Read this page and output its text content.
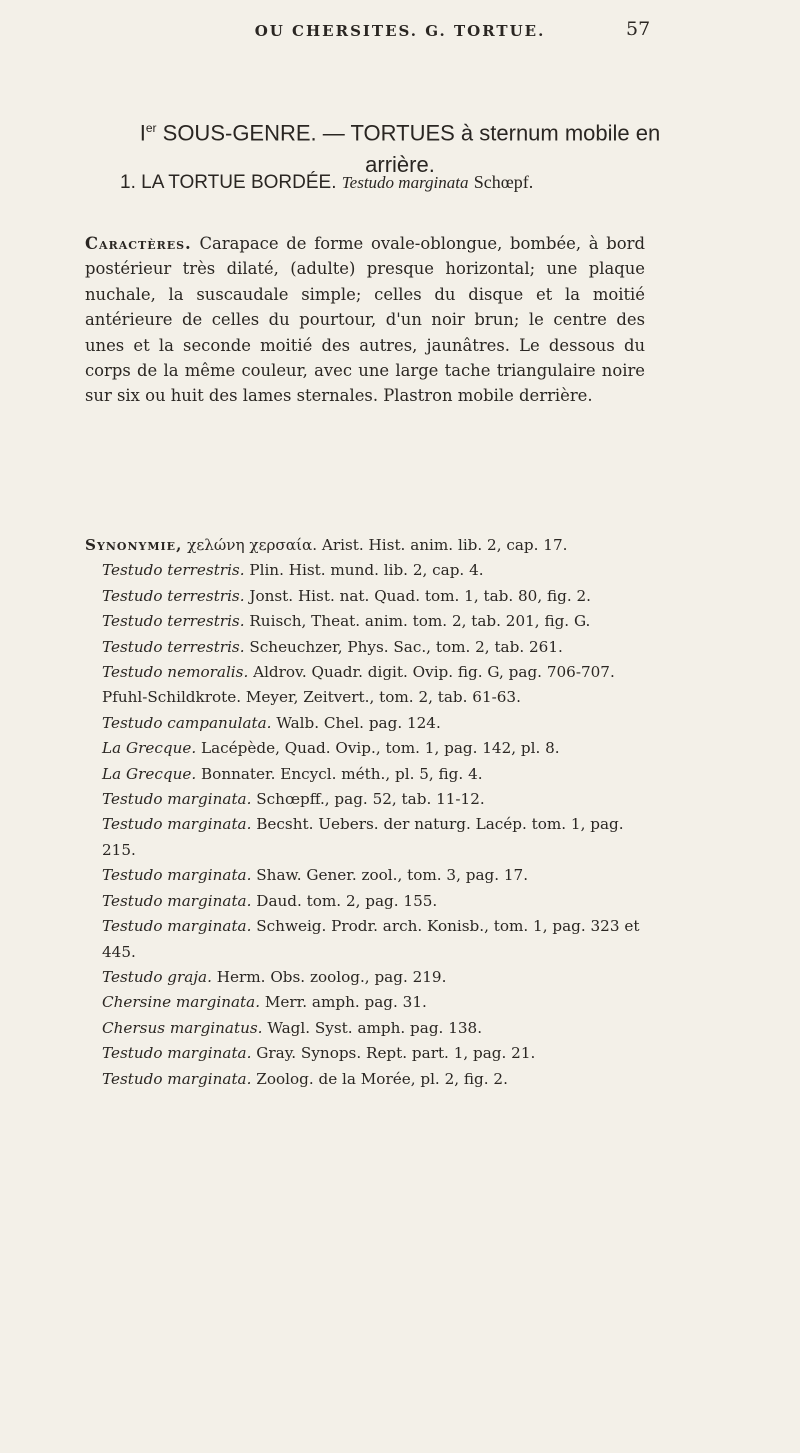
OU CHERSITES. G. TORTUE.	57
Ier SOUS-GENRE. — TORTUES à sternum mobile en
arrière.
1. LA TORTUE BORDÉE. Testudo marginata Schœpf.
Caractères. Carapace de forme ovale-oblongue, bombée, à bord postérieur très dilaté, (adulte) presque horizontal; une plaque nuchale, la suscaudale simple; celles du disque et la moitié antérieure de celles du pourtour, d'un noir brun; le centre des unes et la seconde moitié des autres, jaunâtres. Le dessous du corps de la même couleur, avec une large tache triangulaire noire sur six ou huit des lames sternales. Plastron mobile derrière.

Synonymie, χελώνη χερσαία. Arist. Hist. anim. lib. 2, cap. 17.

Testudo terrestris. Plin. Hist. mund. lib. 2, cap. 4.

Testudo terrestris. Jonst. Hist. nat. Quad. tom. 1, tab. 80, fig. 2.

Testudo terrestris. Ruisch, Theat. anim. tom. 2, tab. 201, fig. G.

Testudo terrestris. Scheuchzer, Phys. Sac., tom. 2, tab. 261.

Testudo nemoralis. Aldrov. Quadr. digit. Ovip. fig. G, pag. 706-707.

Pfuhl-Schildkrote. Meyer, Zeitvert., tom. 2, tab. 61-63.

Testudo campanulata. Walb. Chel. pag. 124.

La Grecque. Lacépède, Quad. Ovip., tom. 1, pag. 142, pl. 8.

La Grecque. Bonnater. Encycl. méth., pl. 5, fig. 4.

Testudo marginata. Schœpff., pag. 52, tab. 11-12.

Testudo marginata. Becsht. Uebers. der naturg. Lacép. tom. 1, pag. 215.

Testudo marginata. Shaw. Gener. zool., tom. 3, pag. 17.

Testudo marginata. Daud. tom. 2, pag. 155.

Testudo marginata. Schweig. Prodr. arch. Konisb., tom. 1, pag. 323 et 445.

Testudo graja. Herm. Obs. zoolog., pag. 219.

Chersine marginata. Merr. amph. pag. 31.

Chersus marginatus. Wagl. Syst. amph. pag. 138.

Testudo marginata. Gray. Synops. Rept. part. 1, pag. 21.

Testudo marginata. Zoolog. de la Morée, pl. 2, fig. 2.
